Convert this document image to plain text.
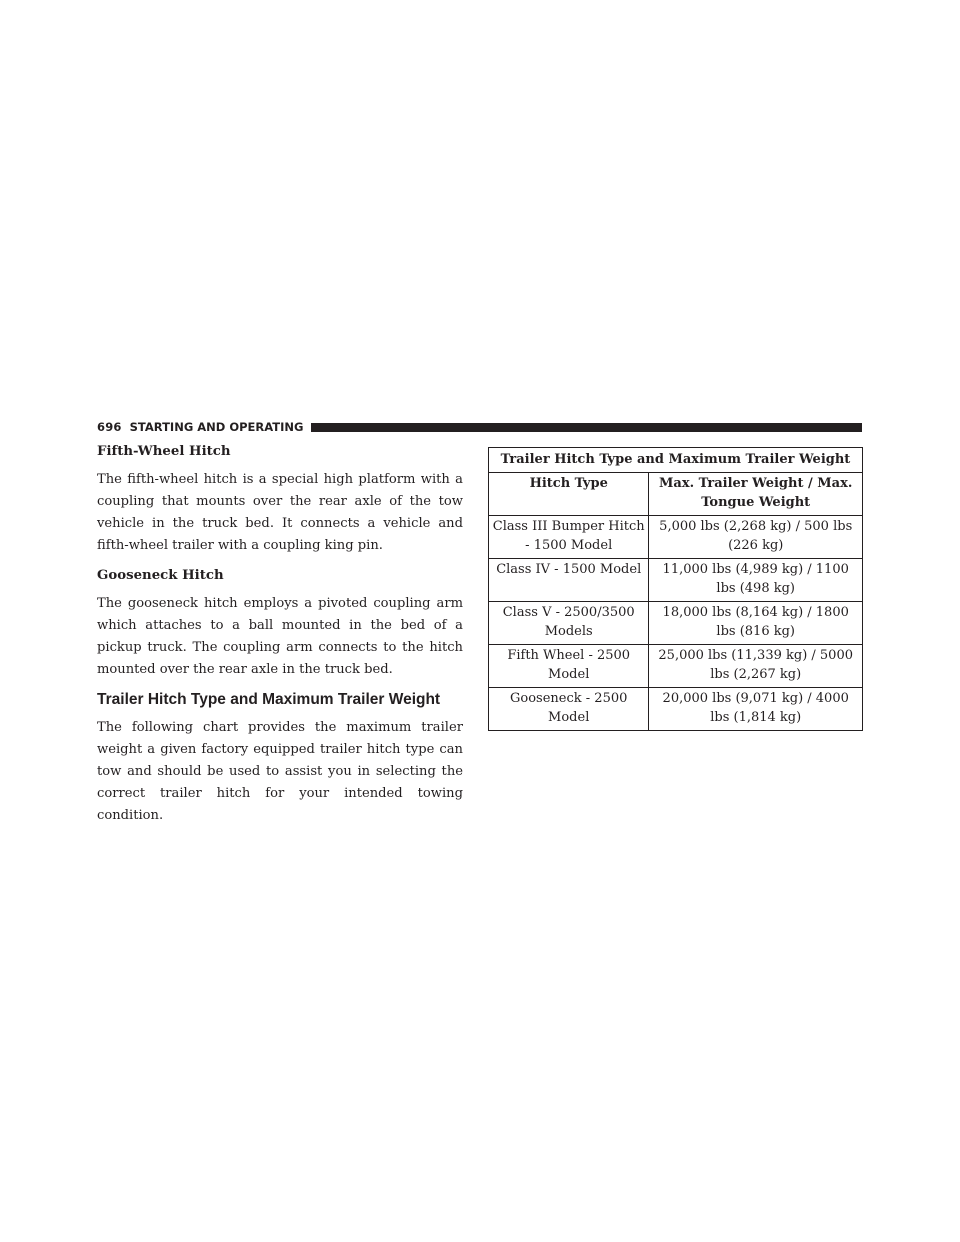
696 STARTING AND OPERATING
Fifth-Wheel Hitch

The fifth-wheel hitch is a special high platform with a coupling that mounts over the rear axle of the tow vehicle in the truck bed. It connects a vehicle and fifth-wheel trailer with a coupling king pin.

Gooseneck Hitch

The gooseneck hitch employs a pivoted coupling arm which attaches to a ball mounted in the bed of a pickup truck. The coupling arm connects to the hitch mounted over the rear axle in the truck bed.

Trailer Hitch Type and Maximum Trailer Weight

The following chart provides the maximum trailer weight a given factory equipped trailer hitch type can tow and should be used to assist you in selecting the correct trailer hitch for your intended towing condition.

Trailer Hitch Type and Maximum Trailer Weight	
Hitch Type	Max. Trailer Weight / Max. Tongue Weight
Class III Bumper Hitch - 1500 Model	5,000 lbs (2,268 kg) / 500 lbs (226 kg)
Class IV - 1500 Model	11,000 lbs (4,989 kg) / 1100 lbs (498 kg)
Class V - 2500/3500 Models	18,000 lbs (8,164 kg) / 1800 lbs (816 kg)
Fifth Wheel - 2500 Model	25,000 lbs (11,339 kg) / 5000 lbs (2,267 kg)
Gooseneck - 2500 Model	20,000 lbs (9,071 kg) / 4000 lbs (1,814 kg)
